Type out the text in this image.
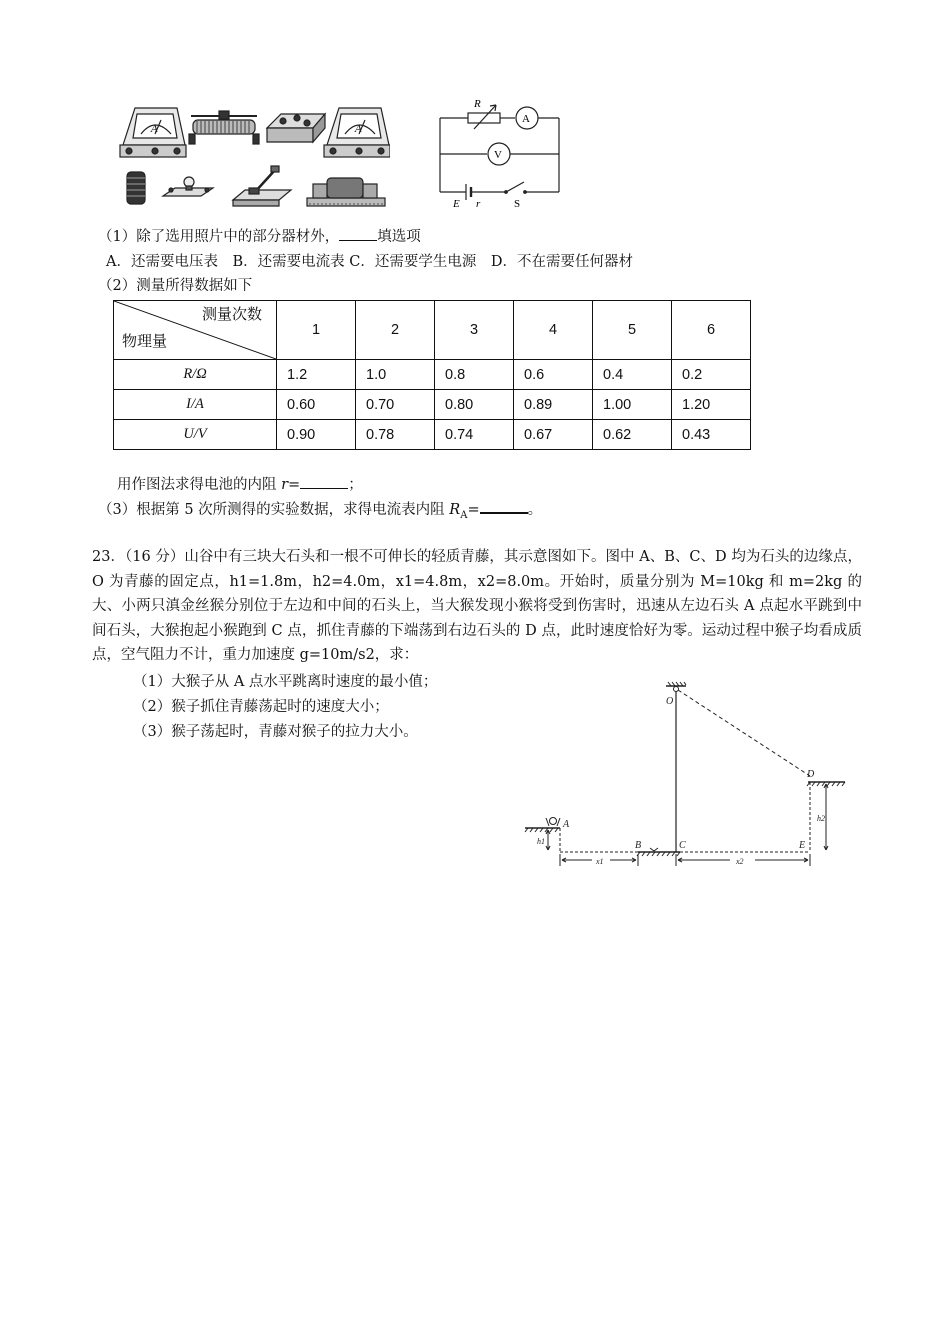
A	A
R
A
V
E r	S
（1）除了选用照片中的部分器材外，	填选项
A．还需要电压表　B．还需要电流表 C．还需要学生电源　D．不在需要任何器材
（2）测量所得数据如下
测量次数
物理量	1	2	3	4	5	6
R/Ω	1.2	1.0	0.8	0.6	0.4	0.2
I/A	0.60	0.70	0.80	0.89	1.00	1.20
U/V	0.90	0.78	0.74	0.67	0.62	0.43
用作图法求得电池的内阻 r=	；
（3）根据第 5 次所测得的实验数据，求得电流表内阻 $R_A=$	。
23．（16 分）山谷中有三块大石头和一根不可伸长的轻质青藤，其示意图如下。图中 A、B、C、D 均为石头的边缘点，O 为青藤的固定点，h1=1.8m，h2=4.0m，x1=4.8m，x2=8.0m。开始时，质量分别为 M=10kg 和 m=2kg 的大、小两只滇金丝猴分别位于左边和中间的石头上，当大猴发现小猴将受到伤害时，迅速从左边石头 A 点起水平跳到中间石头，大猴抱起小猴跑到 C 点，抓住青藤的下端荡到右边石头的 D 点，此时速度恰好为零。运动过程中猴子均看成质点，空气阻力不计，重力加速度 g=10m/s2，求：
（1）大猴子从 A 点水平跳离时速度的最小值；
（2）猴子抓住青藤荡起时的速度大小；
（3）猴子荡起时，青藤对猴子的拉力大小。
O
A
B	C
D
E
h1
h2
x1	x2
